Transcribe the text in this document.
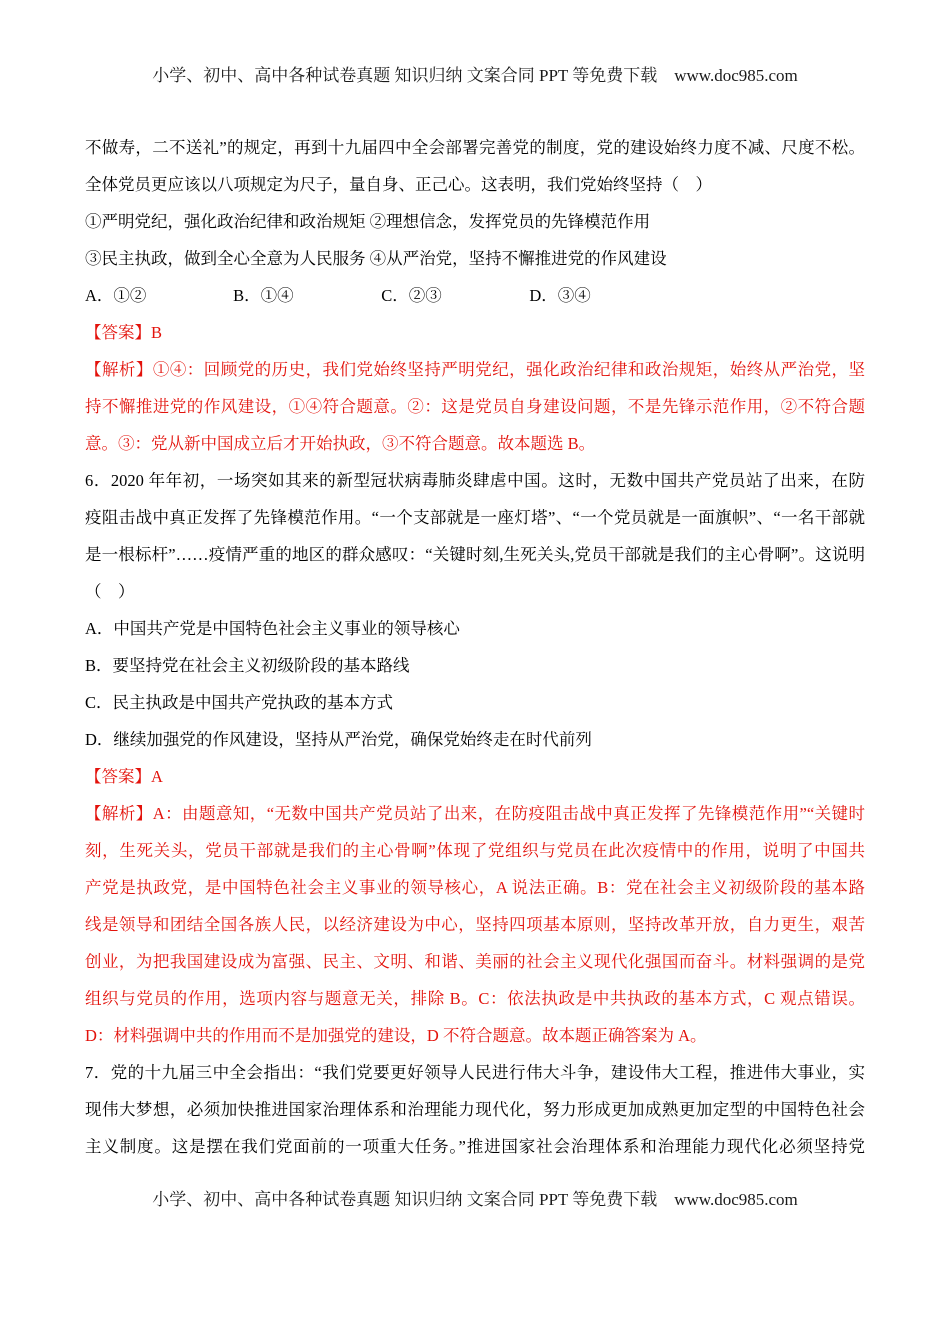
小学、初中、高中各种试卷真题 知识归纳 文案合同 PPT 等免费下载　www.doc985.com
不做寿，二不送礼”的规定，再到十九届四中全会部署完善党的制度，党的建设始终力度不减、尺度不松。
全体党员更应该以八项规定为尺子，量自身、正己心。这表明，我们党始终坚持（　）
①严明党纪，强化政治纪律和政治规矩 ②理想信念，发挥党员的先锋模范作用
③民主执政，做到全心全意为人民服务 ④从严治党，坚持不懈推进党的作风建设
A．①②	B．①④	C．②③	D．③④
【答案】B
【解析】①④：回顾党的历史，我们党始终坚持严明党纪，强化政治纪律和政治规矩，始终从严治党，坚
持不懈推进党的作风建设，①④符合题意。②：这是党员自身建设问题，不是先锋示范作用，②不符合题
意。③：党从新中国成立后才开始执政，③不符合题意。故本题选 B。
6．2020 年年初，一场突如其来的新型冠状病毒肺炎肆虐中国。这时，无数中国共产党员站了出来，在防
疫阻击战中真正发挥了先锋模范作用。“一个支部就是一座灯塔”、“一个党员就是一面旗帜”、“一名干部就
是一根标杆”……疫情严重的地区的群众感叹：“关键时刻,生死关头,党员干部就是我们的主心骨啊”。这说明
（　）
A．中国共产党是中国特色社会主义事业的领导核心
B．要坚持党在社会主义初级阶段的基本路线
C．民主执政是中国共产党执政的基本方式
D．继续加强党的作风建设，坚持从严治党，确保党始终走在时代前列
【答案】A
【解析】A：由题意知，“无数中国共产党员站了出来，在防疫阻击战中真正发挥了先锋模范作用”“关键时
刻，生死关头，党员干部就是我们的主心骨啊”体现了党组织与党员在此次疫情中的作用，说明了中国共
产党是执政党，是中国特色社会主义事业的领导核心，A 说法正确。B：党在社会主义初级阶段的基本路
线是领导和团结全国各族人民，以经济建设为中心，坚持四项基本原则，坚持改革开放，自力更生，艰苦
创业，为把我国建设成为富强、民主、文明、和谐、美丽的社会主义现代化强国而奋斗。材料强调的是党
组织与党员的作用，选项内容与题意无关，排除 B。C：依法执政是中共执政的基本方式，C 观点错误。
D：材料强调中共的作用而不是加强党的建设，D 不符合题意。故本题正确答案为 A。
7．党的十九届三中全会指出：“我们党要更好领导人民进行伟大斗争，建设伟大工程，推进伟大事业，实
现伟大梦想，必须加快推进国家治理体系和治理能力现代化，努力形成更加成熟更加定型的中国特色社会
主义制度。这是摆在我们党面前的一项重大任务。”推进国家社会治理体系和治理能力现代化必须坚持党
小学、初中、高中各种试卷真题 知识归纳 文案合同 PPT 等免费下载　www.doc985.com
